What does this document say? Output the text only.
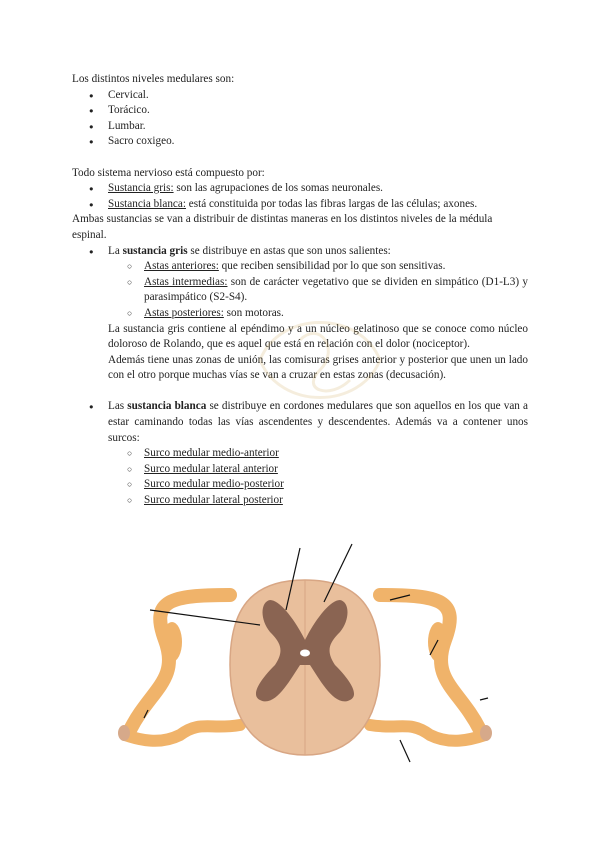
Los distintos niveles medulares son:

● Cervical.
● Torácico.
● Lumbar.
● Sacro coxigeo.

Todo sistema nervioso está compuesto por:

● Sustancia gris: son las agrupaciones de los somas neuronales.
● Sustancia blanca: está constituida por todas las fibras largas de las células; axones.

Ambas sustancias se van a distribuir de distintas maneras en los distintos niveles de la médula espinal.

● La sustancia gris se distribuye en astas que son unos salientes:
○ Astas anteriores: que reciben sensibilidad por lo que son sensitivas.
○ Astas intermedias: son de carácter vegetativo que se dividen en simpático (D1-L3) y parasimpático (S2-S4).
○ Astas posteriores: son motoras.

La sustancia gris contiene al epéndimo y a un núcleo gelatinoso que se conoce como núcleo doloroso de Rolando, que es aquel que está en relación con el dolor (nociceptor).

Además tiene unas zonas de unión, las comisuras grises anterior y posterior que unen un lado con el otro porque muchas vías se van a cruzar en estas zonas (decusación).

● Las sustancia blanca se distribuye en cordones medulares que son aquellos en los que van a estar caminando todas las vías ascendentes y descendentes. Además va a contener unos surcos:
○ Surco medular medio-anterior
○ Surco medular lateral anterior
○ Surco medular medio-posterior
○ Surco medular lateral posterior
